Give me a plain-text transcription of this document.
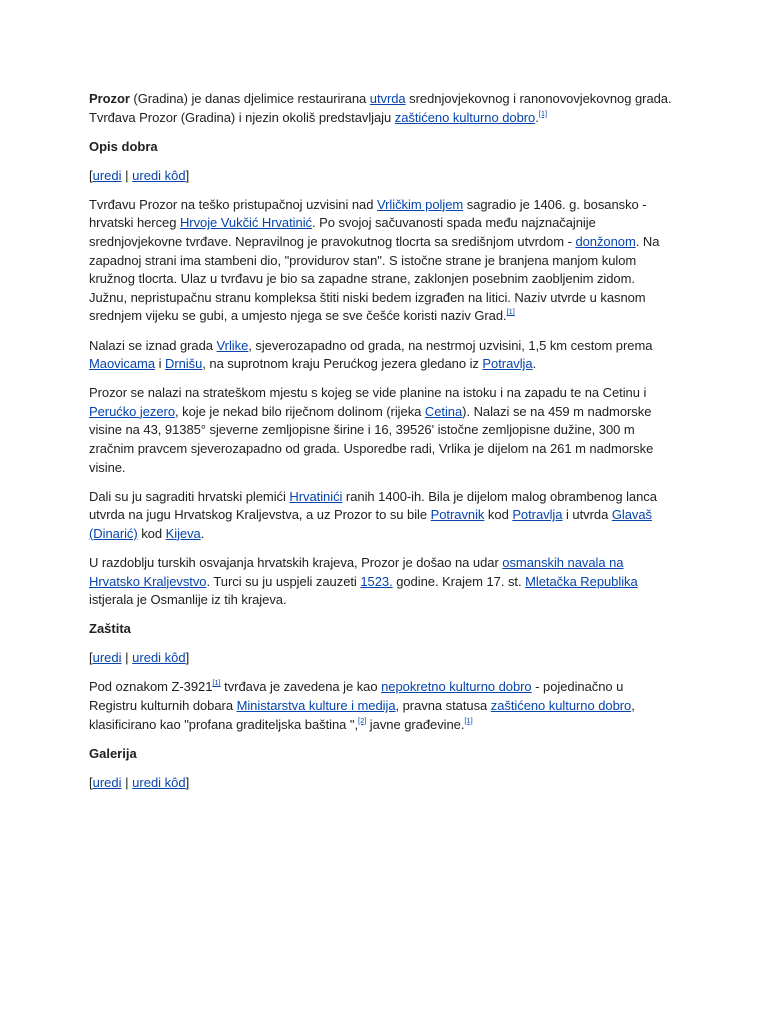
Prozor (Gradina) je danas djelimice restaurirana utvrda srednjovjekovnog i ranonovovjekovnog grada. Tvrđava Prozor (Gradina) i njezin okoliš predstavljaju zaštićeno kulturno dobro.[1]

Opis dobra
[uredi | uredi kôd]

Tvrđavu Prozor na teško pristupačnoj uzvisini nad Vrličkim poljem sagradio je 1406. g. bosansko - hrvatski herceg Hrvoje Vukčić Hrvatinić. Po svojoj sačuvanosti spada među najznačajnije srednjovjekovne tvrđave. Nepravilnog je pravokutnog tlocrta sa središnjom utvrdom - donžonom. Na zapadnoj strani ima stambeni dio, "providurov stan". S istočne strane je branjena manjom kulom kružnog tlocrta. Ulaz u tvrđavu je bio sa zapadne strane, zaklonjen posebnim zaobljenim zidom. Južnu, nepristupačnu stranu kompleksa štiti niski bedem izgrađen na litici. Naziv utvrde u kasnom srednjem vijeku se gubi, a umjesto njega se sve češće koristi naziv Grad.[1]

Nalazi se iznad grada Vrlike, sjeverozapadno od grada, na nestrmoj uzvisini, 1,5 km cestom prema Maovicama i Drnišu, na suprotnom kraju Perućkog jezera gledano iz Potravlja.

Prozor se nalazi na strateškom mjestu s kojeg se vide planine na istoku i na zapadu te na Cetinu i Perućko jezero, koje je nekad bilo riječnom dolinom (rijeka Cetina). Nalazi se na 459 m nadmorske visine na 43, 91385° sjeverne zemljopisne širine i 16, 39526' istočne zemljopisne dužine, 300 m zračnim pravcem sjeverozapadno od grada. Usporedbe radi, Vrlika je dijelom na 261 m nadmorske visine.

Dali su ju sagraditi hrvatski plemići Hrvatinići ranih 1400-ih. Bila je dijelom malog obrambenog lanca utvrda na jugu Hrvatskog Kraljevstva, a uz Prozor to su bile Potravnik kod Potravlja i utvrda Glavaš (Dinarić) kod Kijeva.

U razdoblju turskih osvajanja hrvatskih krajeva, Prozor je došao na udar osmanskih navala na Hrvatsko Kraljevstvo. Turci su ju uspjeli zauzeti 1523. godine. Krajem 17. st. Mletačka Republika istjerala je Osmanlije iz tih krajeva.

Zaštita
[uredi | uredi kôd]

Pod oznakom Z-3921[1] tvrđava je zavedena je kao nepokretno kulturno dobro - pojedinačno u Registru kulturnih dobara Ministarstva kulture i medija, pravna statusa zaštićeno kulturno dobro, klasificirano kao "profana graditeljska baština ",[2] javne građevine.[1]

Galerija
[uredi | uredi kôd]
